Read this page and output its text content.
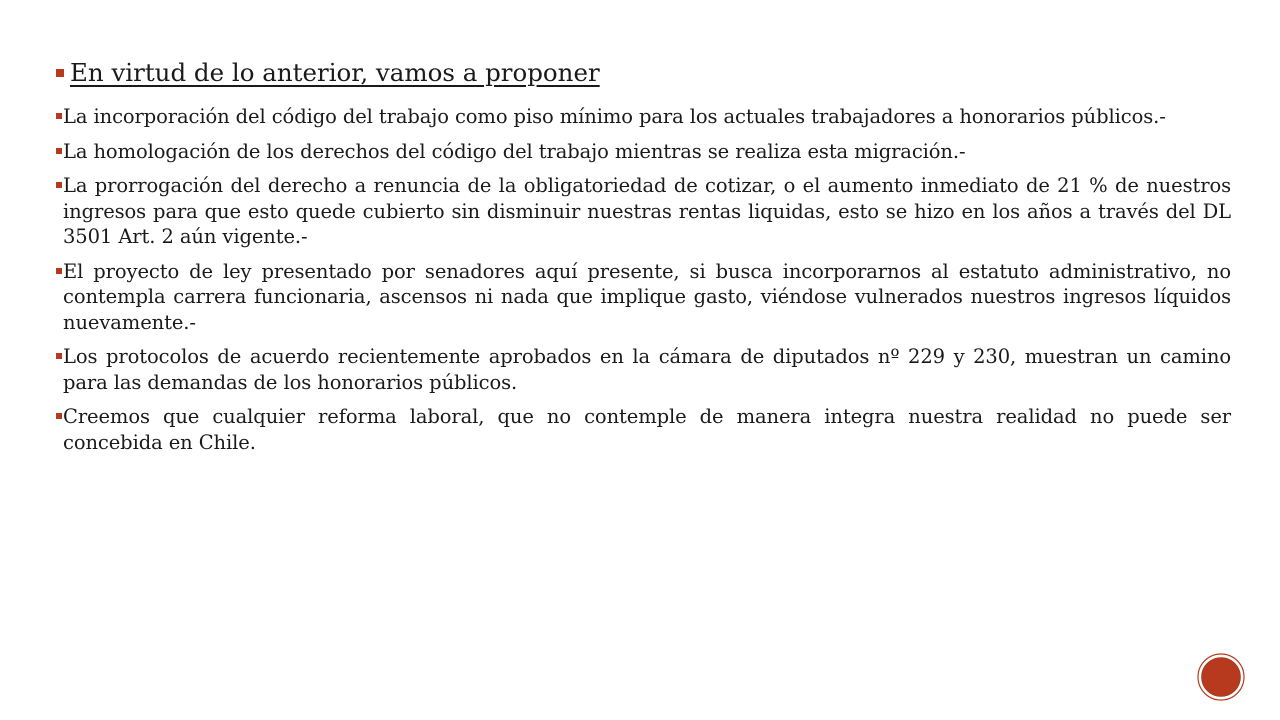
En virtud de lo anterior, vamos a proponer
La incorporación del código del trabajo como piso mínimo para los actuales trabajadores a honorarios públicos.-
La homologación de los derechos del código del trabajo mientras se realiza esta migración.-
La prorrogación del derecho a renuncia de la obligatoriedad de cotizar, o el aumento inmediato de 21 % de nuestros ingresos para que esto quede cubierto sin disminuir nuestras rentas liquidas, esto se hizo en los años a través del DL 3501 Art. 2 aún vigente.-
El proyecto de ley presentado por senadores aquí presente, si busca incorporarnos al estatuto administrativo, no contempla carrera funcionaria, ascensos ni nada que implique gasto, viéndose vulnerados nuestros ingresos líquidos nuevamente.-
Los protocolos de acuerdo recientemente aprobados en la cámara de diputados nº 229 y 230, muestran un camino para las demandas de los honorarios públicos.
Creemos que cualquier reforma laboral, que no contemple de manera integra nuestra realidad no puede ser concebida en Chile.
